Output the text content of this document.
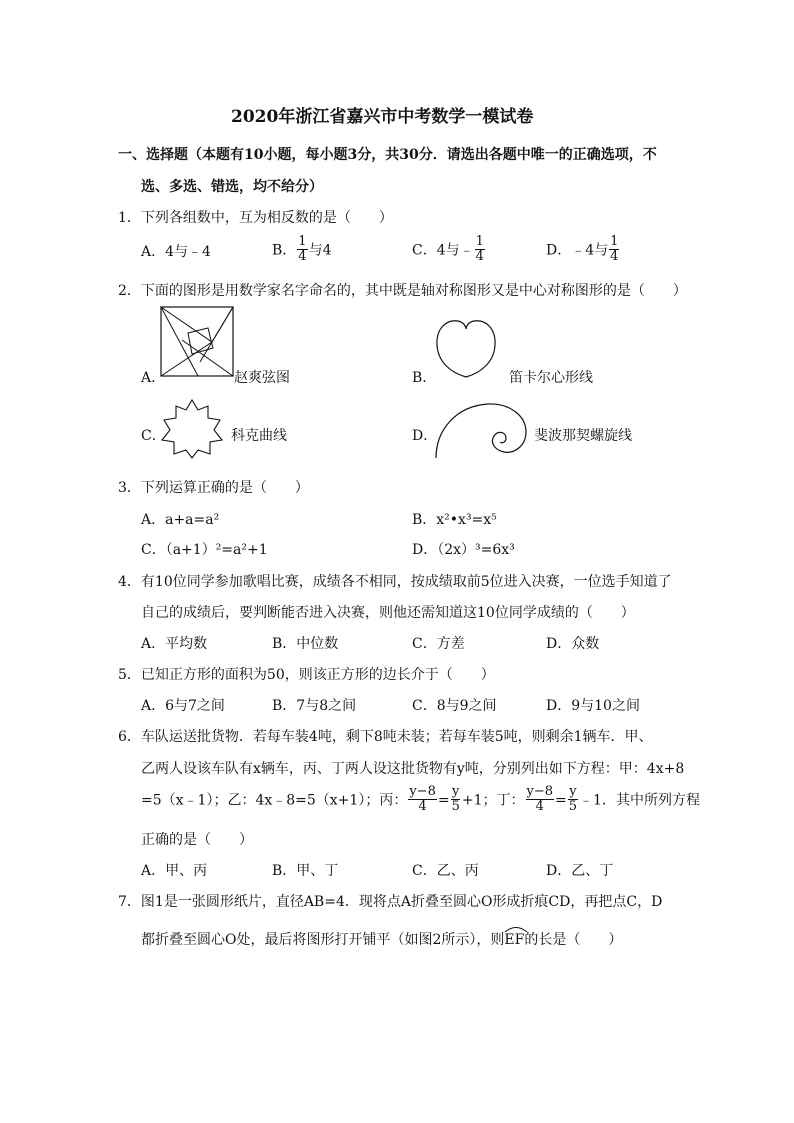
2020年浙江省嘉兴市中考数学一模试卷
一、选择题（本题有10小题，每小题3分，共30分．请选出各题中唯一的正确选项，不
选、多选、错选，均不给分）
1．下列各组数中，互为相反数的是（　　）
A．4与﹣4	B． $\frac{1}{4}$ 与4	C．4与﹣ $\frac{1}{4}$	D．﹣4与 $\frac{1}{4}$
2．下面的图形是用数学家名字命名的，其中既是轴对称图形又是中心对称图形的是（　　）
A．	赵爽弦图	B．	笛卡尔心形线
C．	科克曲线	D．	斐波那契螺旋线
3．下列运算正确的是（　　）
A．a+a=a²	B．x²•x³=x⁵
C．（a+1）²=a²+1	D．（2x）³=6x³
4．有10位同学参加歌唱比赛，成绩各不相同，按成绩取前5位进入决赛，一位选手知道了
自己的成绩后，要判断能否进入决赛，则他还需知道这10位同学成绩的（　　）
A．平均数	B．中位数	C．方差	D．众数
5．已知正方形的面积为50，则该正方形的边长介于（　　）
A．6与7之间	B．7与8之间	C．8与9之间	D．9与10之间
6．车队运送批货物．若每车装4吨，剩下8吨未装；若每车装5吨，则剩余1辆车．甲、
乙两人设该车队有x辆车，丙、丁两人设这批货物有y吨，分别列出如下方程：甲：4x+8
=5（x﹣1）；乙：4x﹣8=5（x+1）；丙： $\frac{y-8}{4} = \frac{y}{5} +1$；丁： $\frac{y-8}{4} = \frac{y}{5}$ ﹣1．其中所列方程
正确的是（　　）
A．甲、丙	B．甲、丁	C．乙、丙	D．乙、丁
7．图1是一张圆形纸片，直径AB=4．现将点A折叠至圆心O形成折痕CD，再把点C，D
都折叠至圆心O处，最后将图形打开铺平（如图2所示），则
EF的长是（　　）
